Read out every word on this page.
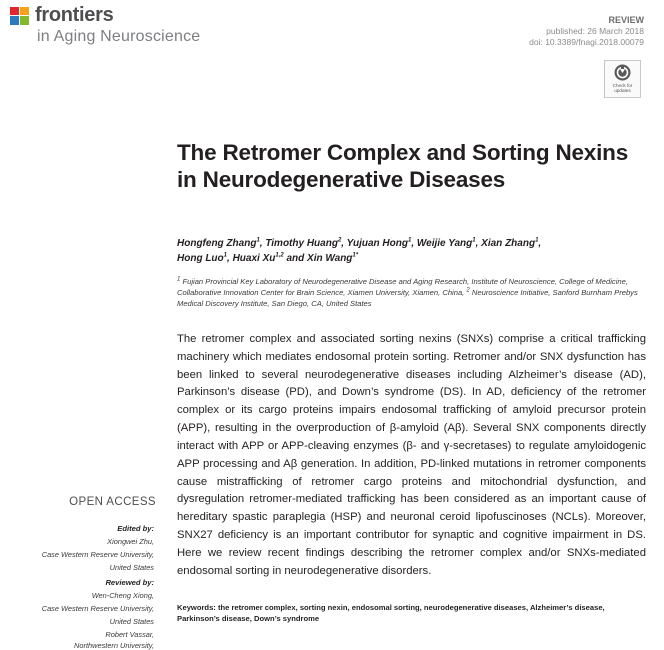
frontiers
in Aging Neuroscience
REVIEW
published: 26 March 2018
doi: 10.3389/fnagi.2018.00079
Check for
updates
The Retromer Complex and Sorting Nexins in Neurodegenerative Diseases
Hongfeng Zhang$^1$, Timothy Huang$^2$, Yujuan Hong$^1$, Weijie Yang$^1$, Xian Zhang$^1$,
Hong Luo$^1$, Huaxi Xu$^{1,2}$ and Xin Wang$^{1*}$
$^1$ Fujian Provincial Key Laboratory of Neurodegenerative Disease and Aging Research, Institute of Neuroscience, College of Medicine, Collaborative Innovation Center for Brain Science, Xiamen University, Xiamen, China, $^2$ Neuroscience Initiative, Sanford Burnham Prebys Medical Discovery Institute, San Diego, CA, United States
The retromer complex and associated sorting nexins (SNXs) comprise a critical trafficking machinery which mediates endosomal protein sorting. Retromer and/or SNX dysfunction has been linked to several neurodegenerative diseases including Alzheimer’s disease (AD), Parkinson’s disease (PD), and Down’s syndrome (DS). In AD, deficiency of the retromer complex or its cargo proteins impairs endosomal trafficking of amyloid precursor protein (APP), resulting in the overproduction of β-amyloid (Aβ). Several SNX components directly interact with APP or APP-cleaving enzymes (β- and γ-secretases) to regulate amyloidogenic APP processing and Aβ generation. In addition, PD-linked mutations in retromer components cause mistrafficking of retromer cargo proteins and mitochondrial dysfunction, and dysregulation retromer-mediated trafficking has been considered as an important cause of hereditary spastic paraplegia (HSP) and neuronal ceroid lipofuscinoses (NCLs). Moreover, SNX27 deficiency is an important contributor for synaptic and cognitive impairment in DS. Here we review recent findings describing the retromer complex and/or SNXs-mediated endosomal sorting in neurodegenerative disorders.
Keywords: the retromer complex, sorting nexin, endosomal sorting, neurodegenerative diseases, Alzheimer’s disease, Parkinson’s disease, Down’s syndrome
OPEN ACCESS
Edited by:
Xiongwei Zhu,
Case Western Reserve University,
United States
Reviewed by:
Wen-Cheng Xiong,
Case Western Reserve University,
United States
Robert Vassar,
Northwestern University,
